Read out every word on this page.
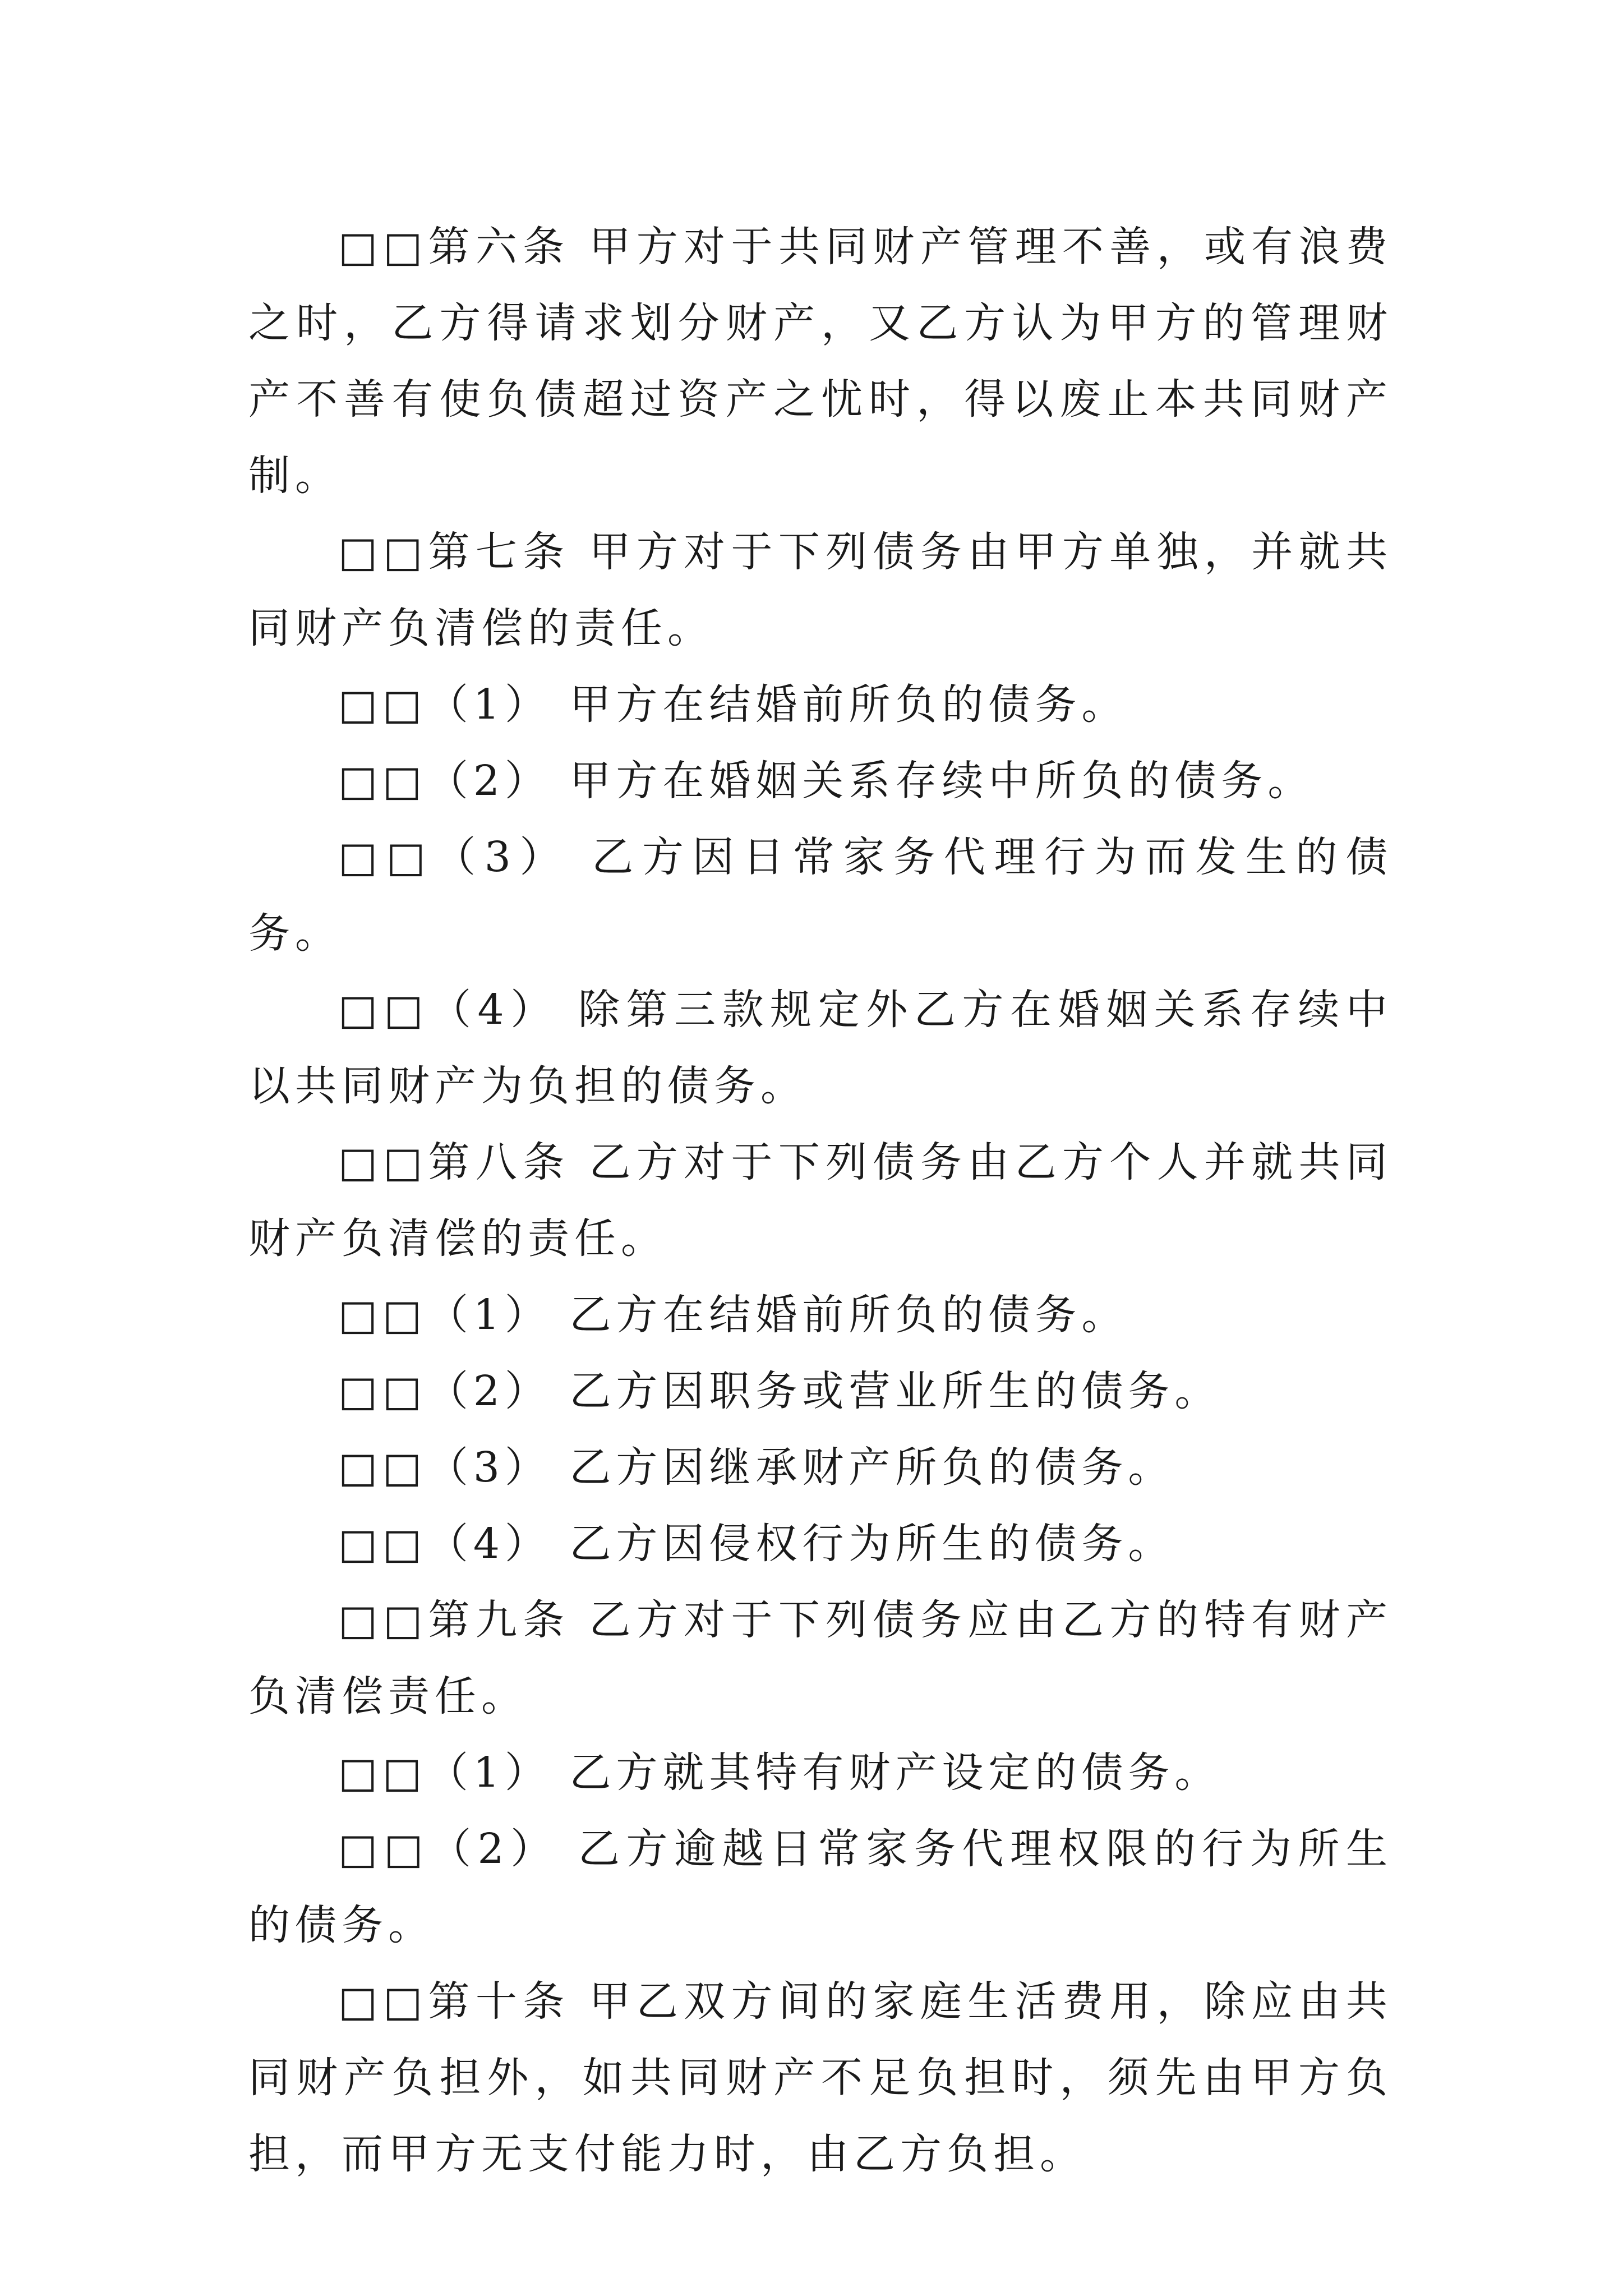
□□第六条 甲方对于共同财产管理不善，或有浪费之时，乙方得请求划分财产，又乙方认为甲方的管理财产不善有使负债超过资产之忧时，得以废止本共同财产制。

□□第七条 甲方对于下列债务由甲方单独，并就共同财产负清偿的责任。

□□（1） 甲方在结婚前所负的债务。

□□（2） 甲方在婚姻关系存续中所负的债务。

□□（3） 乙方因日常家务代理行为而发生的债务。

□□（4） 除第三款规定外乙方在婚姻关系存续中以共同财产为负担的债务。

□□第八条 乙方对于下列债务由乙方个人并就共同财产负清偿的责任。

□□（1） 乙方在结婚前所负的债务。

□□（2） 乙方因职务或营业所生的债务。

□□（3） 乙方因继承财产所负的债务。

□□（4） 乙方因侵权行为所生的债务。

□□第九条 乙方对于下列债务应由乙方的特有财产负清偿责任。

□□（1） 乙方就其特有财产设定的债务。

□□（2） 乙方逾越日常家务代理权限的行为所生的债务。

□□第十条 甲乙双方间的家庭生活费用，除应由共同财产负担外，如共同财产不足负担时，须先由甲方负担，而甲方无支付能力时，由乙方负担。
